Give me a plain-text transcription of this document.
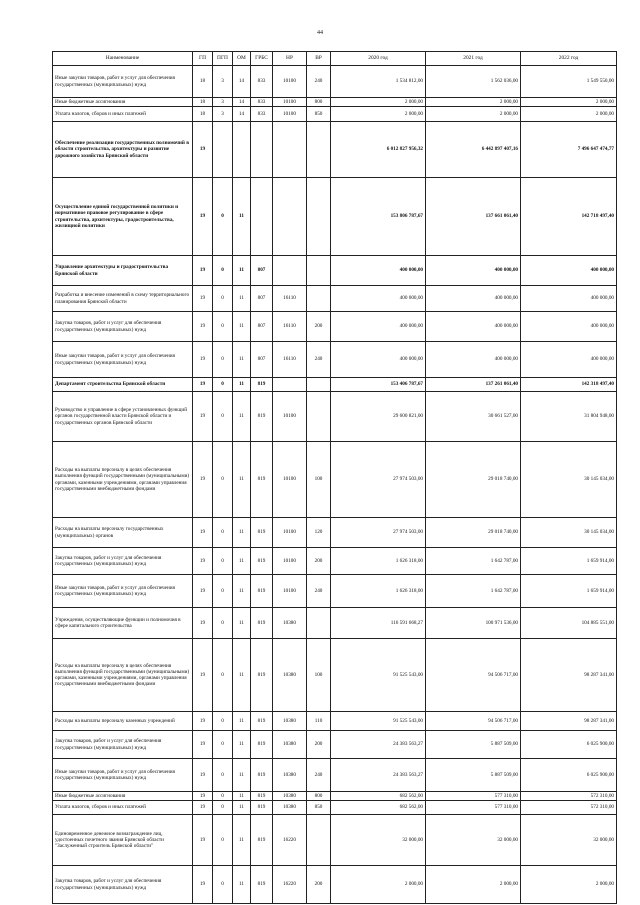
44
Наименование	ГП	ПГП	ОМ	ГРБС	НР	ВР	2020 год	2021 год	2022 год
Иные закупки товаров, работ и услуг для обеспечения государственных (муниципальных) нужд	18	3	14	833	10100	240	1 534 812,00	1 562 036,00	1 549 550,00
Иные бюджетные ассигнования	18	3	14	833	10100	800	2 000,00	2 000,00	2 000,00
Уплата налогов, сборов и иных платежей	18	3	14	833	10100	850	2 000,00	2 000,00	2 000,00
Обеспечение реализации государственных полномочий в области строительства, архитектуры и развитие дорожного хозяйства Брянской области	19						6 012 827 956,32	6 442 897 407,16	7 496 647 474,77
Осуществление единой государственной политики и нормативное правовое регулирование в сфере строительства, архитектуры, градостроительства, жилищной политики	19	0	11				153 806 787,67	137 661 061,40	142 718 497,40
Управление архитектуры и градостроительства Брянской области	19	0	11	807			400 000,00	400 000,00	400 000,00
Разработка и внесение изменений в схему территориального планирования Брянской области	19	0	11	807	16110		400 000,00	400 000,00	400 000,00
Закупка товаров, работ и услуг для обеспечения государственных (муниципальных) нужд	19	0	11	807	16110	200	400 000,00	400 000,00	400 000,00
Иные закупки товаров, работ и услуг для обеспечения государственных (муниципальных) нужд	19	0	11	807	16110	240	400 000,00	400 000,00	400 000,00
Департамент строительства Брянской области	19	0	11	819			153 406 787,67	137 261 061,40	142 318 497,40
Руководство и управление в сфере установленных функций органов государственной власти Брянской области и государственных органов Брянской области	19	0	11	819	10100		29 600 821,00	30 661 527,00	31 804 948,00
Расходы на выплаты персоналу в целях обеспечения выполнения функций государственными (муниципальными) органами, казенными учреждениями, органами управления государственными внебюджетными фондами	19	0	11	819	10100	100	27 974 503,00	29 018 740,00	30 145 034,00
Расходы на выплаты персоналу государственных (муниципальных) органов	19	0	11	819	10100	120	27 974 503,00	29 018 740,00	30 145 034,00
Закупка товаров, работ и услуг для обеспечения государственных (муниципальных) нужд	19	0	11	819	10100	200	1 626 318,00	1 642 787,00	1 659 914,00
Иные закупки товаров, работ и услуг для обеспечения государственных (муниципальных) нужд	19	0	11	819	10100	240	1 626 318,00	1 642 787,00	1 659 914,00
Учреждения, осуществляющие функции и полномочия в сфере капитального строительства	19	0	11	819	10380		116 591 668,27	100 971 536,00	104 885 551,00
Расходы на выплаты персоналу в целях обеспечения выполнения функций государственными (муниципальными) органами, казенными учреждениями, органами управления государственными внебюджетными фондами	19	0	11	819	10380	100	91 525 543,00	94 506 717,00	98 287 341,00
Расходы на выплаты персоналу казенных учреждений	19	0	11	819	10380	110	91 525 543,00	94 506 717,00	98 287 341,00
Закупка товаров, работ и услуг для обеспечения государственных (муниципальных) нужд	19	0	11	819	10380	200	24 383 563,27	5 887 509,00	6 025 900,00
Иные закупки товаров, работ и услуг для обеспечения государственных (муниципальных) нужд	19	0	11	819	10380	240	24 383 563,27	5 887 509,00	6 025 900,00
Иные бюджетные ассигнования	19	0	11	819	10380	800	682 562,00	577 310,00	572 310,00
Уплата налогов, сборов и иных платежей	19	0	11	819	10380	850	682 562,00	577 310,00	572 310,00
Единовременное денежное вознаграждение лиц, удостоенных почетного звания Брянской области "Заслуженный строитель Брянской области"	19	0	11	819	16220		32 000,00	32 000,00	32 000,00
Закупка товаров, работ и услуг для обеспечения государственных (муниципальных) нужд	19	0	11	819	16220	200	2 000,00	2 000,00	2 000,00
